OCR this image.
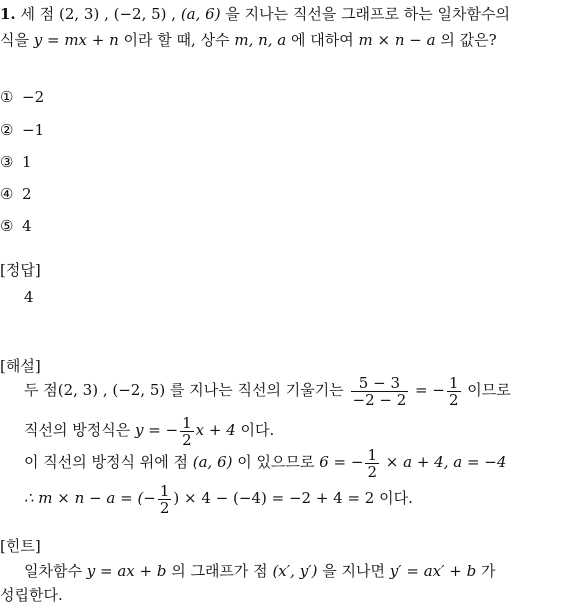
1. 세 점 (2, 3) , (−2, 5) , (a, 6) 을 지나는 직선을 그래프로 하는 일차함수의
식을 y = mx + n 이라 할 때, 상수 m, n, a 에 대하여 m × n − a 의 값은?
① −2
② −1
③ 1
④ 2
⑤ 4
[정답]
4
[해설]
두 점(2, 3) , (−2, 5) 를 지나는 직선의 기울기는 $\frac{5 - 3}{-2 - 2}$ = − $\frac{1}{2}$ 이므로
직선의 방정식은 y = − $\frac{1}{2}$ x + 4 이다.
이 직선의 방정식 위에 점 (a, 6) 이 있으므로 6 = − $\frac{1}{2} \times a + 4$, a = −4
∴ m × n − a = (− $\frac{1}{2}$ ) × 4 − (−4) = −2 + 4 = 2 이다.
[힌트]
일차함수 y = ax + b 의 그래프가 점 (x′, y′) 을 지나면 y′ = ax′ + b 가
성립한다.
